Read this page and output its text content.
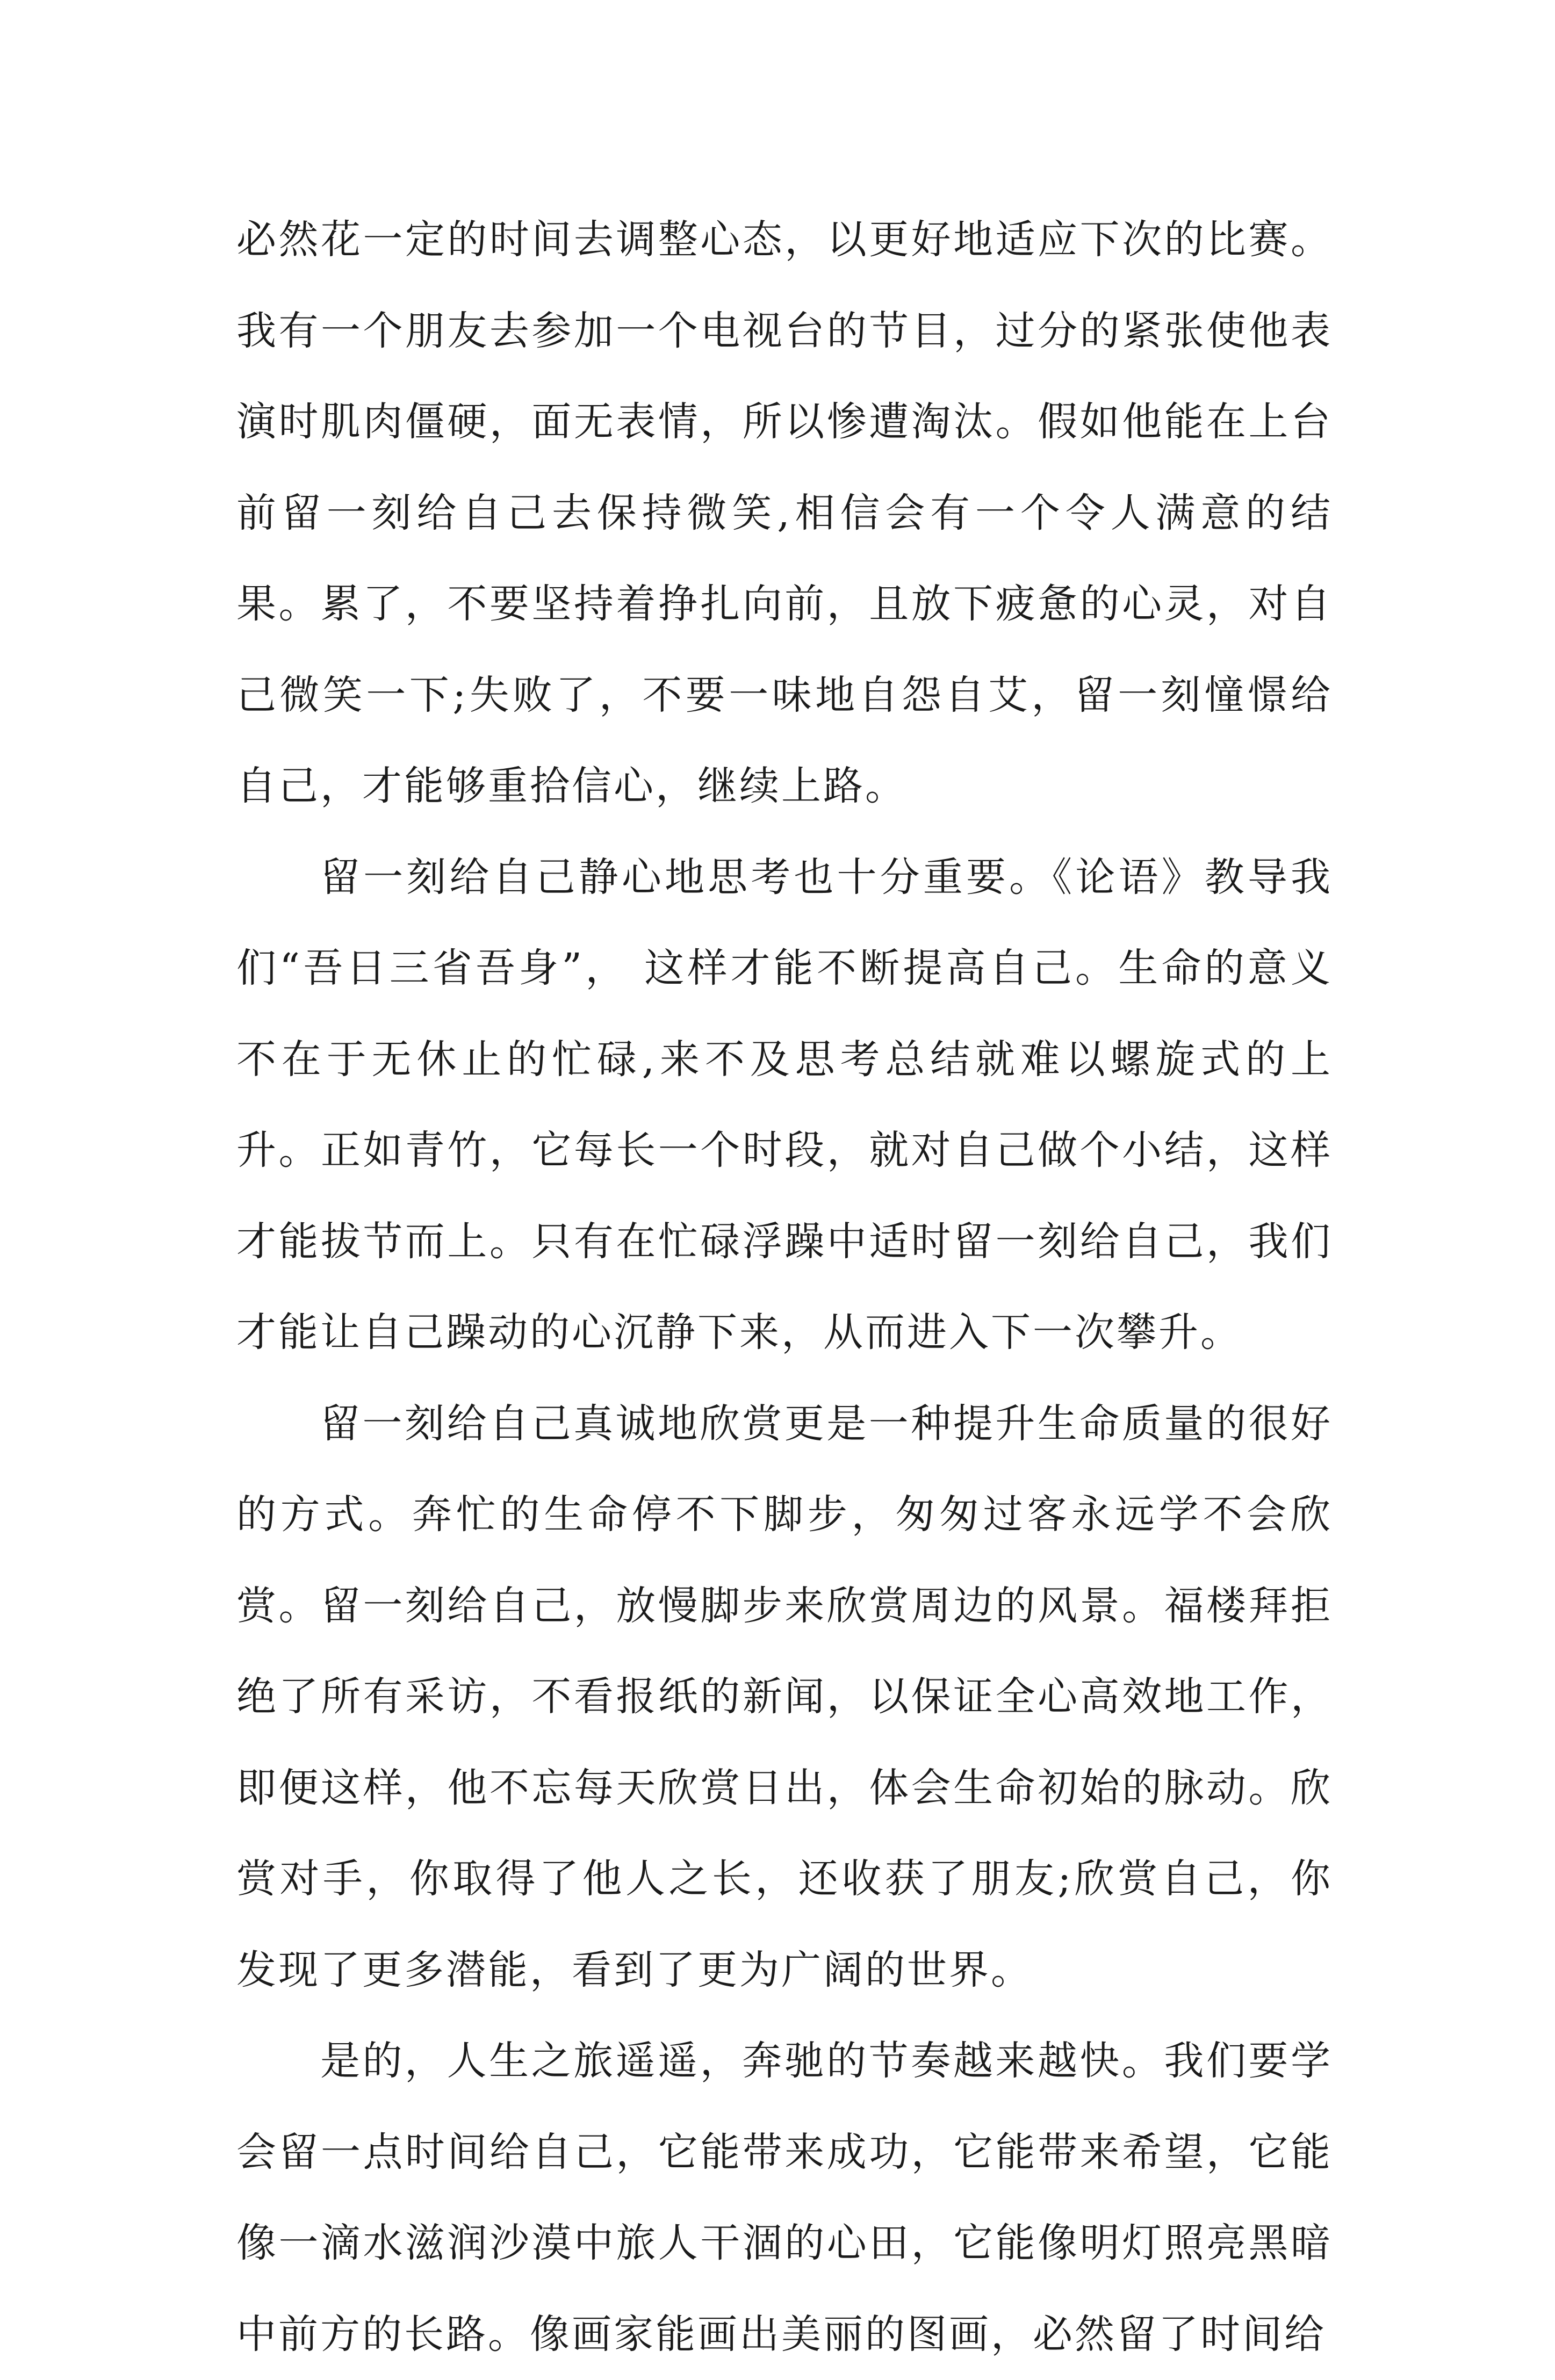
必然花一定的时间去调整心态，以更好地适应下次的比赛。我有一个朋友去参加一个电视台的节目，过分的紧张使他表演时肌肉僵硬，面无表情，所以惨遭淘汰。假如他能在上台前留一刻给自己去保持微笑,相信会有一个令人满意的结果。累了，不要坚持着挣扎向前，且放下疲惫的心灵，对自己微笑一下;失败了，不要一味地自怨自艾，留一刻憧憬给自己，才能够重拾信心，继续上路。

留一刻给自己静心地思考也十分重要。《论语》教导我们“吾日三省吾身”， 这样才能不断提高自己。生命的意义不在于无休止的忙碌,来不及思考总结就难以螺旋式的上升。正如青竹，它每长一个时段，就对自己做个小结，这样才能拔节而上。只有在忙碌浮躁中适时留一刻给自己，我们才能让自己躁动的心沉静下来，从而进入下一次攀升。

留一刻给自己真诚地欣赏更是一种提升生命质量的很好的方式。奔忙的生命停不下脚步，匆匆过客永远学不会欣赏。留一刻给自己，放慢脚步来欣赏周边的风景。福楼拜拒绝了所有采访，不看报纸的新闻，以保证全心高效地工作，即便这样，他不忘每天欣赏日出，体会生命初始的脉动。欣赏对手，你取得了他人之长，还收获了朋友;欣赏自己，你发现了更多潜能，看到了更为广阔的世界。

是的，人生之旅遥遥，奔驰的节奏越来越快。我们要学会留一点时间给自己，它能带来成功，它能带来希望，它能像一滴水滋润沙漠中旅人干涸的心田，它能像明灯照亮黑暗中前方的长路。像画家能画出美丽的图画，必然留了时间给
